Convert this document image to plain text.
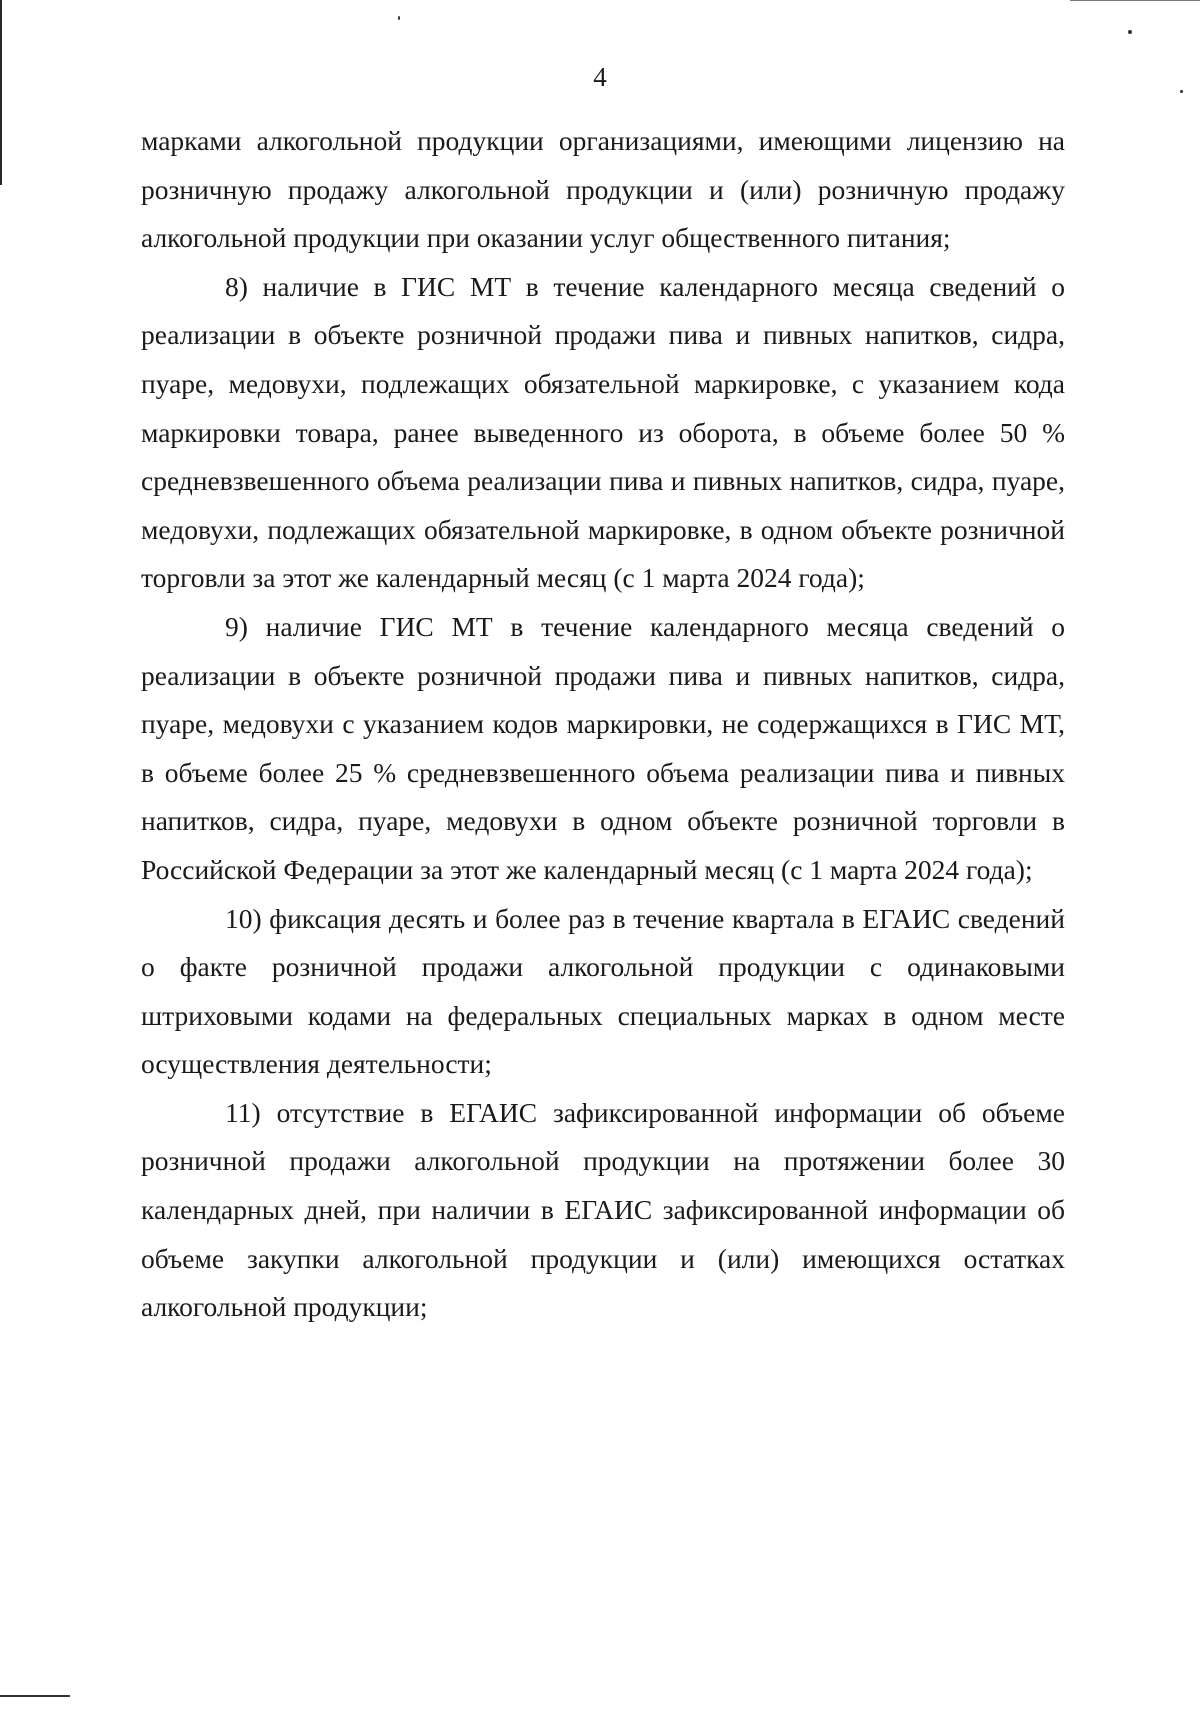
4

марками алкогольной продукции организациями, имеющими лицензию на розничную продажу алкогольной продукции и (или) розничную продажу алкогольной продукции при оказании услуг общественного питания;

8) наличие в ГИС МТ в течение календарного месяца сведений о реализации в объекте розничной продажи пива и пивных напитков, сидра, пуаре, медовухи, подлежащих обязательной маркировке, с указанием кода маркировки товара, ранее выведенного из оборота, в объеме более 50 % средневзвешенного объема реализации пива и пивных напитков, сидра, пуаре, медовухи, подлежащих обязательной маркировке, в одном объекте розничной торговли за этот же календарный месяц (с 1 марта 2024 года);

9) наличие ГИС МТ в течение календарного месяца сведений о реализации в объекте розничной продажи пива и пивных напитков, сидра, пуаре, медовухи с указанием кодов маркировки, не содержащихся в ГИС МТ, в объеме более 25 % средневзвешенного объема реализации пива и пивных напитков, сидра, пуаре, медовухи в одном объекте розничной торговли в Российской Федерации за этот же календарный месяц (с 1 марта 2024 года);

10) фиксация десять и более раз в течение квартала в ЕГАИС сведений о факте розничной продажи алкогольной продукции с одинаковыми штриховыми кодами на федеральных специальных марках в одном месте осуществления деятельности;

11) отсутствие в ЕГАИС зафиксированной информации об объеме розничной продажи алкогольной продукции на протяжении более 30 календарных дней, при наличии в ЕГАИС зафиксированной информации об объеме закупки алкогольной продукции и (или) имеющихся остатках алкогольной продукции;
